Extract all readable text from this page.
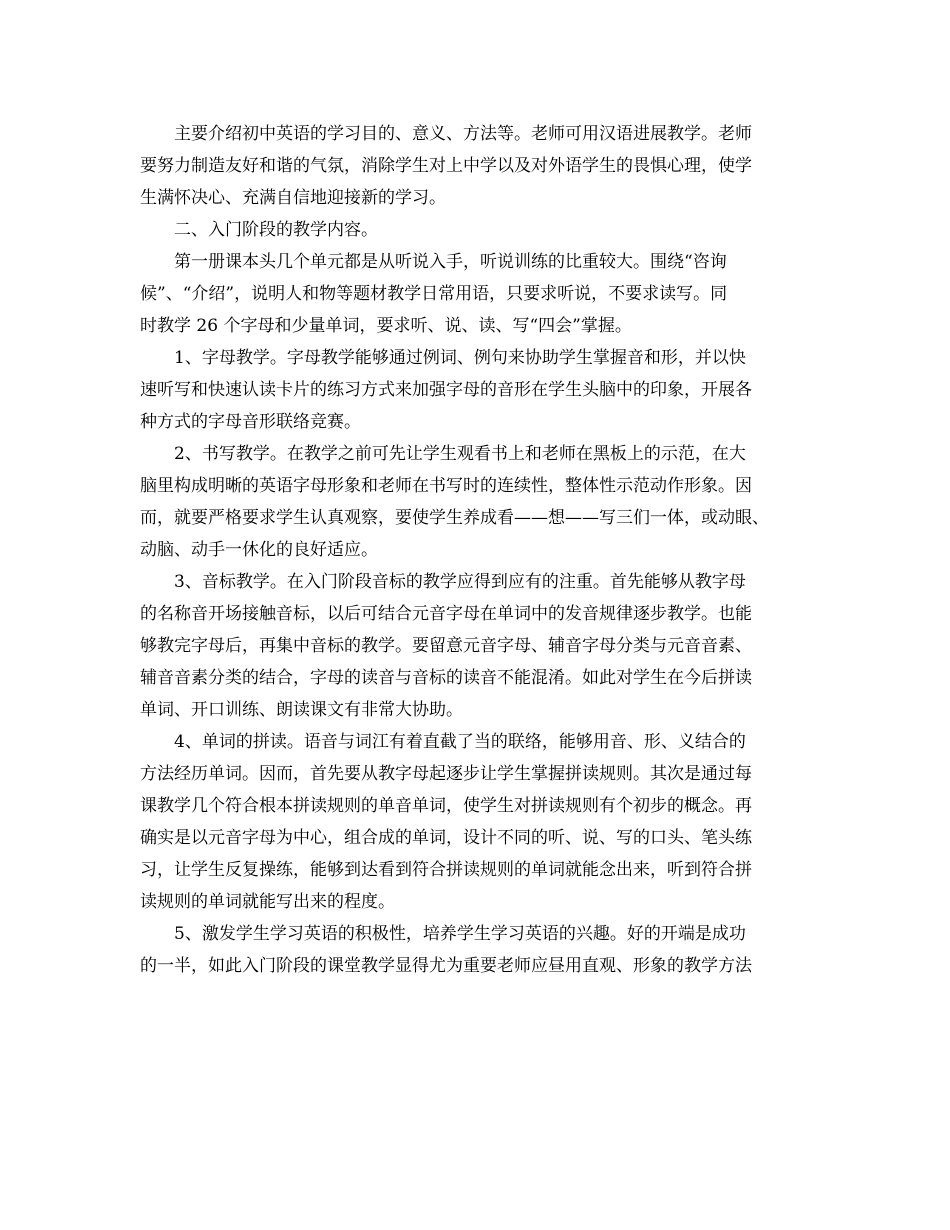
主要介绍初中英语的学习目的、意义、方法等。老师可用汉语进展教学。老师

要努力制造友好和谐的气氛，消除学生对上中学以及对外语学生的畏惧心理，使学

生满怀决心、充满自信地迎接新的学习。

二、入门阶段的教学内容。

第一册课本头几个单元都是从听说入手，听说训练的比重较大。围绕“咨询

候”、“介绍”，说明人和物等题材教学日常用语，只要求听说，不要求读写。同

时教学 26 个字母和少量单词，要求听、说、读、写“四会”掌握。

1、字母教学。字母教学能够通过例词、例句来协助学生掌握音和形，并以快

速听写和快速认读卡片的练习方式来加强字母的音形在学生头脑中的印象，开展各

种方式的字母音形联络竞赛。

2、书写教学。在教学之前可先让学生观看书上和老师在黑板上的示范，在大

脑里构成明晰的英语字母形象和老师在书写时的连续性，整体性示范动作形象。因

而，就要严格要求学生认真观察，要使学生养成看——想——写三们一体，或动眼、

动脑、动手一休化的良好适应。

3、音标教学。在入门阶段音标的教学应得到应有的注重。首先能够从教字母

的名称音开场接触音标，以后可结合元音字母在单词中的发音规律逐步教学。也能

够教完字母后，再集中音标的教学。要留意元音字母、辅音字母分类与元音音素、

辅音音素分类的结合，字母的读音与音标的读音不能混淆。如此对学生在今后拼读

单词、开口训练、朗读课文有非常大协助。

4、单词的拼读。语音与词江有着直截了当的联络，能够用音、形、义结合的

方法经历单词。因而，首先要从教字母起逐步让学生掌握拼读规则。其次是通过每

课教学几个符合根本拼读规则的单音单词，使学生对拼读规则有个初步的概念。再

确实是以元音字母为中心，组合成的单词，设计不同的听、说、写的口头、笔头练

习，让学生反复操练，能够到达看到符合拼读规则的单词就能念出来，听到符合拼

读规则的单词就能写出来的程度。

5、激发学生学习英语的积极性，培养学生学习英语的兴趣。好的开端是成功

的一半，如此入门阶段的课堂教学显得尤为重要老师应昼用直观、形象的教学方法
